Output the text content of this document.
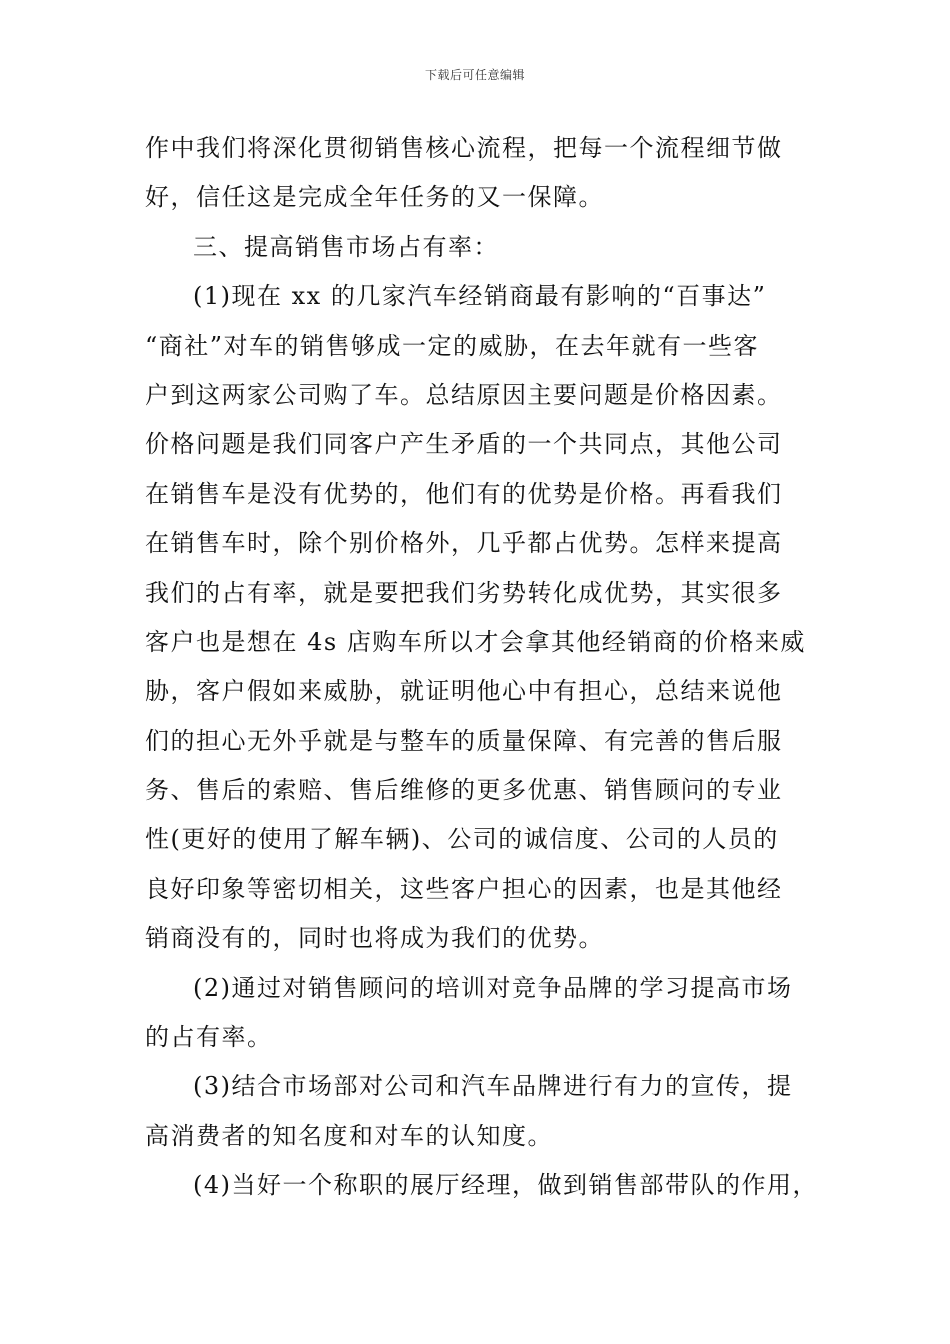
下载后可任意编辑
作中我们将深化贯彻销售核心流程，把每一个流程细节做
好，信任这是完成全年任务的又一保障。
三、提高销售市场占有率：
(1)现在 xx 的几家汽车经销商最有影响的“百事达”
“商社”对车的销售够成一定的威胁，在去年就有一些客
户到这两家公司购了车。总结原因主要问题是价格因素。
价格问题是我们同客户产生矛盾的一个共同点，其他公司
在销售车是没有优势的，他们有的优势是价格。再看我们
在销售车时，除个别价格外，几乎都占优势。怎样来提高
我们的占有率，就是要把我们劣势转化成优势，其实很多
客户也是想在 4s 店购车所以才会拿其他经销商的价格来威
胁，客户假如来威胁，就证明他心中有担心，总结来说他
们的担心无外乎就是与整车的质量保障、有完善的售后服
务、售后的索赔、售后维修的更多优惠、销售顾问的专业
性(更好的使用了解车辆)、公司的诚信度、公司的人员的
良好印象等密切相关，这些客户担心的因素，也是其他经
销商没有的，同时也将成为我们的优势。
(2)通过对销售顾问的培训对竞争品牌的学习提高市场
的占有率。
(3)结合市场部对公司和汽车品牌进行有力的宣传，提
高消费者的知名度和对车的认知度。
(4)当好一个称职的展厅经理，做到销售部带队的作用，
